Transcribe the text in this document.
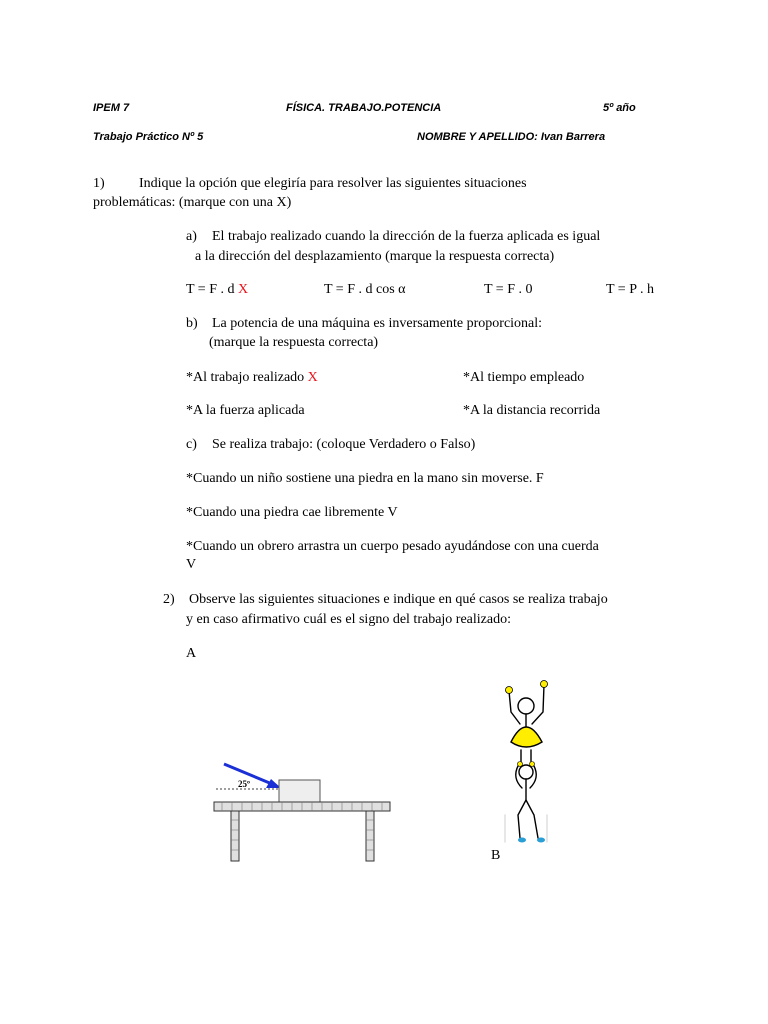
IPEM 7	FÍSICA. TRABAJO.POTENCIA	5º año
Trabajo Práctico Nº 5	NOMBRE Y APELLIDO: Ivan Barrera
1) Indique la opción que elegiría para resolver las siguientes situaciones
problemáticas: (marque con una X)
a) El trabajo realizado cuando la dirección de la fuerza aplicada es igual
a la dirección del desplazamiento (marque la respuesta correcta)
T = F . d X	T = F . d cos α	T = F . 0	T = P . h
b) La potencia de una máquina es inversamente proporcional:
(marque la respuesta correcta)
*Al trabajo realizado X	*Al tiempo empleado
*A la fuerza aplicada	*A la distancia recorrida
c) Se realiza trabajo: (coloque Verdadero o Falso)
*Cuando un niño sostiene una piedra en la mano sin moverse. F
*Cuando una piedra cae libremente V
*Cuando un obrero arrastra un cuerpo pesado ayudándose con una cuerda
V
2) Observe las siguientes situaciones e indique en qué casos se realiza trabajo
y en caso afirmativo cuál es el signo del trabajo realizado:
A
B
25º
